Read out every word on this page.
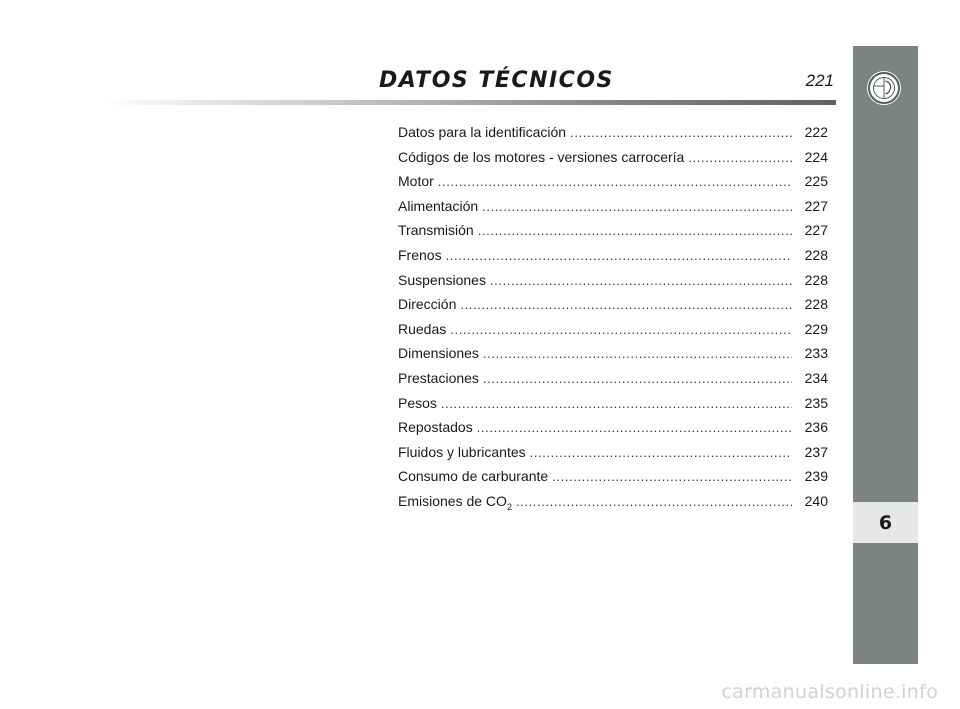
DATOS TÉCNICOS	221
Datos para la identificación .....	222
Códigos de los motores - versiones carrocería .....	224
Motor .....	225
Alimentación .....	227
Transmisión .....	227
Frenos .....	228
Suspensiones .....	228
Dirección .....	228
Ruedas .....	229
Dimensiones .....	233
Prestaciones .....	234
Pesos .....	235
Repostados .....	236
Fluidos y lubricantes .....	237
Consumo de carburante .....	239
Emisiones de $CO_2$ .....	240
6
carmanualsonline.info
